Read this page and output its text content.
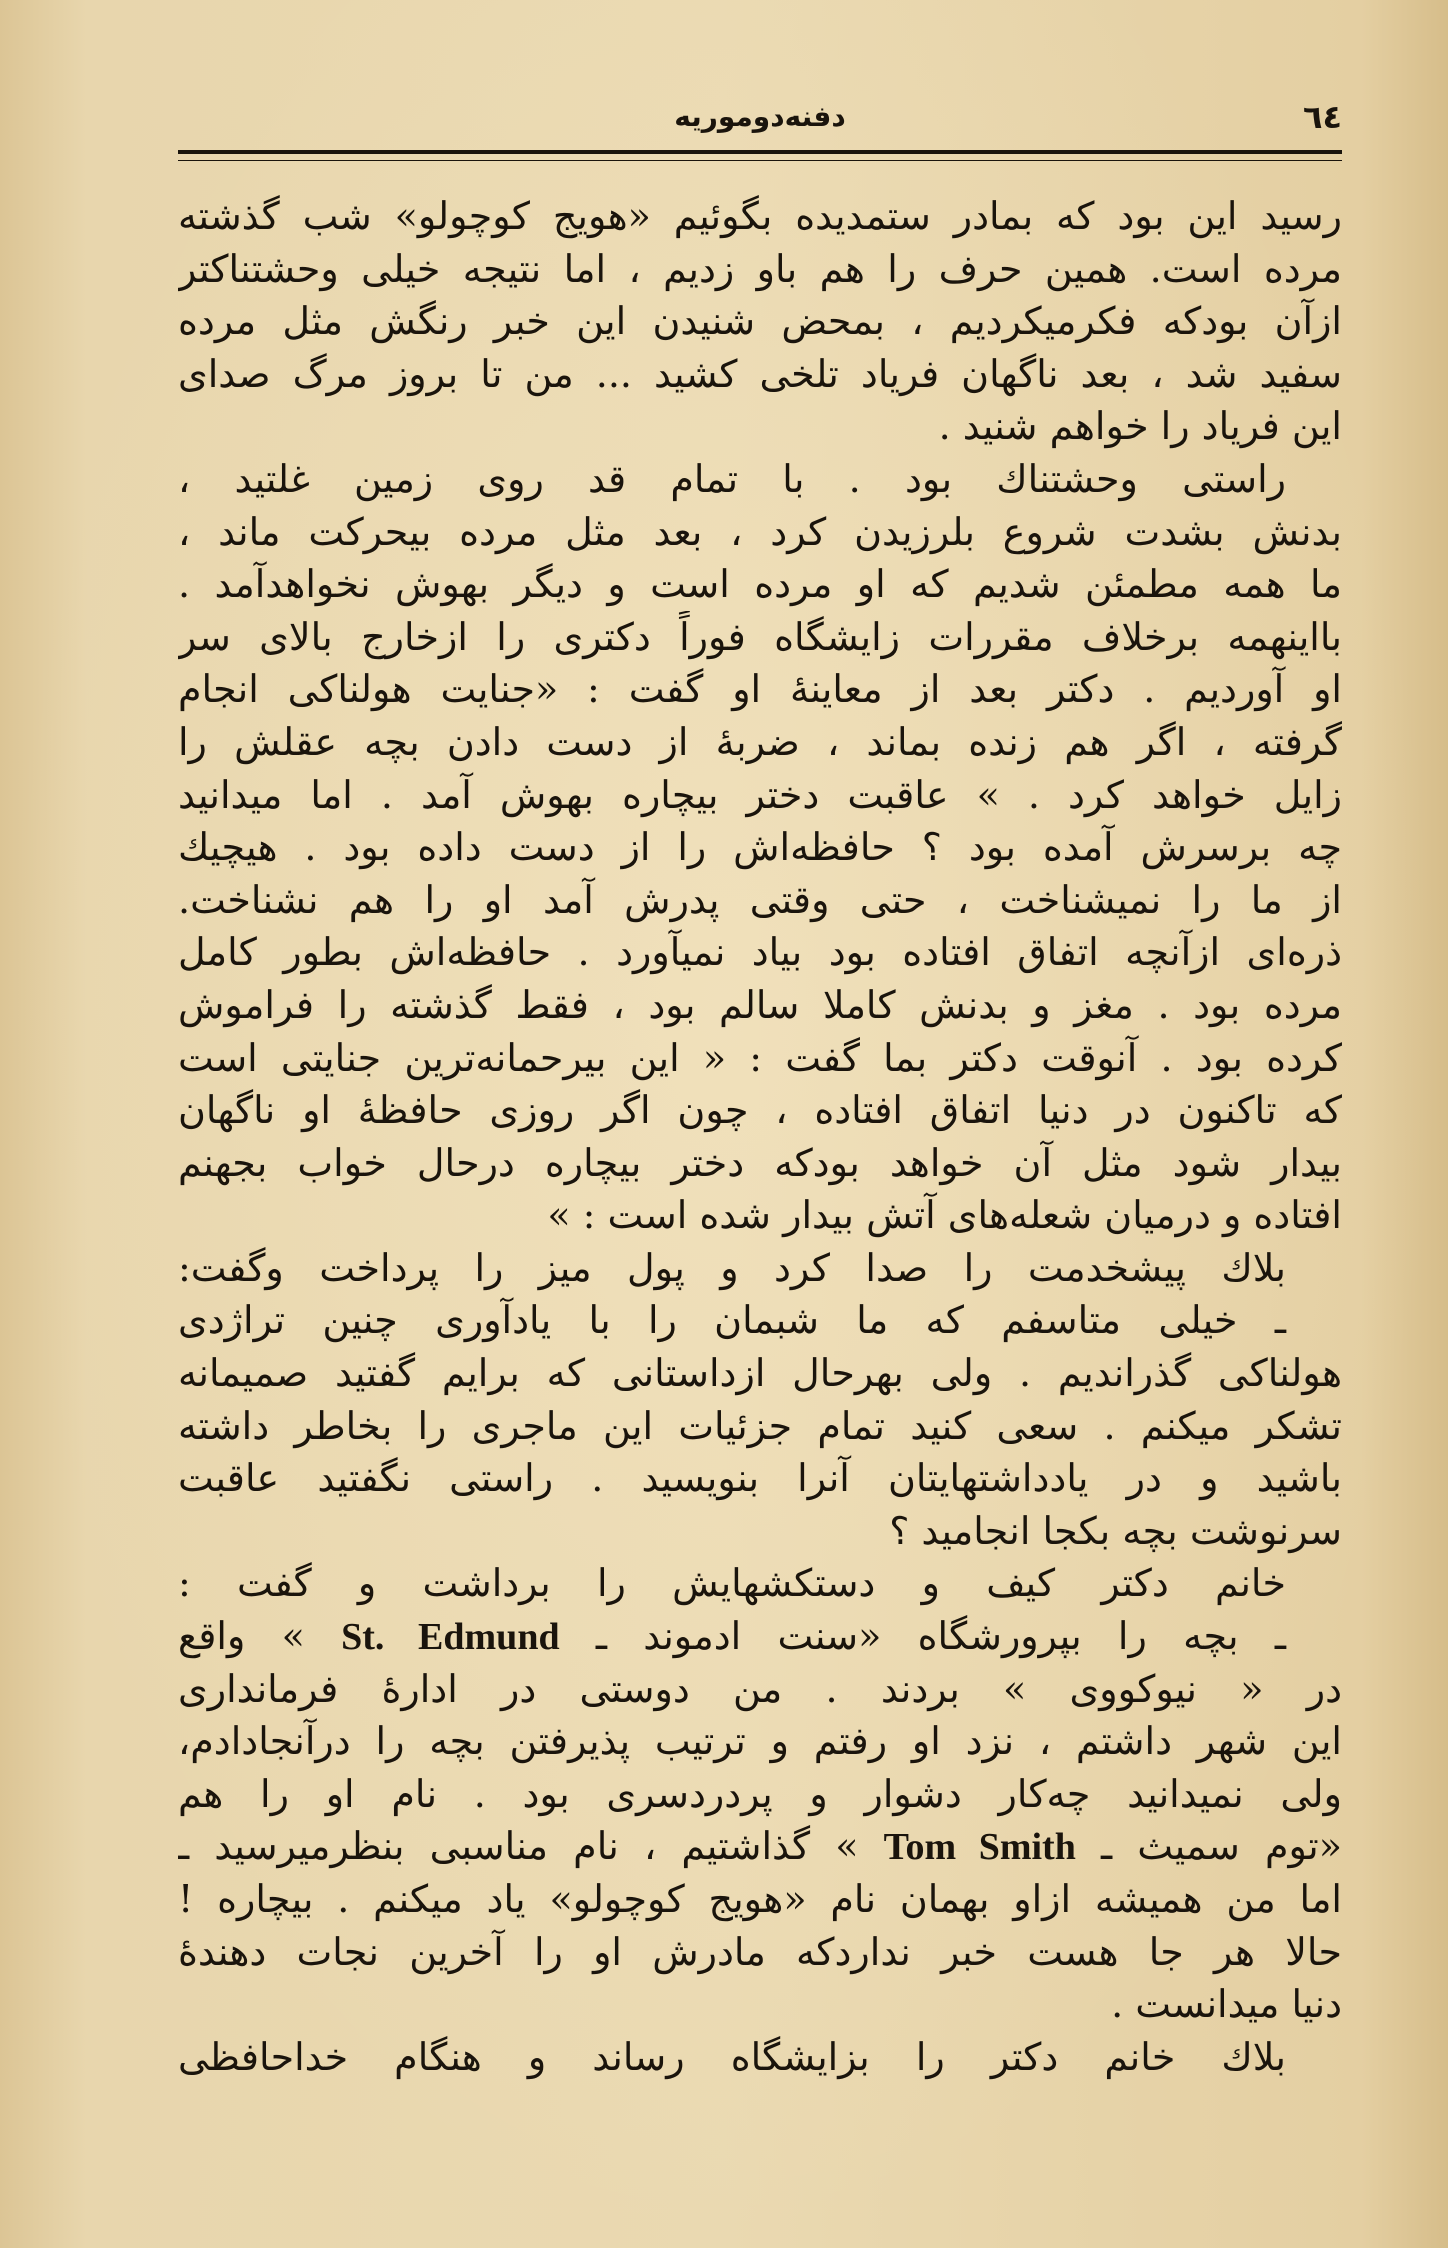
٦٤
دفنه‌دوموریه
رسید این بود که بمادر ستمدیده بگوئیم «هویج کوچولو» شب گذشته
مرده است. همین حرف را هم باو زدیم ، اما نتیجه خیلی وحشتناکتر
ازآن بودکه فکرمیکردیم ، بمحض شنیدن این خبر رنگش مثل مرده
سفید شد ، بعد ناگهان فریاد تلخی کشید ... من تا بروز مرگ صدای
این فریاد را خواهم شنید .
راستی وحشتناك بود . با تمام قد روی زمین غلتید ،
بدنش بشدت شروع بلرزیدن کرد ، بعد مثل مرده بیحرکت ماند ،
ما همه مطمئن شدیم که او مرده است و دیگر بهوش نخواهدآمد .
بااینهمه برخلاف مقررات زایشگاه فوراً دکتری را ازخارج بالای سر
او آوردیم . دکتر بعد از معاینهٔ او گفت : «جنایت هولناکی انجام
گرفته ، اگر هم زنده بماند ، ضربهٔ از دست دادن بچه عقلش را
زایل خواهد کرد . » عاقبت دختر بیچاره بهوش آمد . اما میدانید
چه برسرش آمده بود ؟ حافظه‌اش را از دست داده بود . هیچیك
از ما را نمیشناخت ، حتی وقتی پدرش آمد او را هم نشناخت.
ذره‌ای ازآنچه اتفاق افتاده بود بیاد نمیآورد . حافظه‌اش بطور کامل
مرده بود . مغز و بدنش کاملا سالم بود ، فقط گذشته را فراموش
کرده بود . آنوقت دکتر بما گفت : « این بیرحمانه‌ترین جنایتی است
که تاکنون در دنیا اتفاق افتاده ، چون اگر روزی حافظهٔ او ناگهان
بیدار شود مثل آن خواهد بودکه دختر بیچاره درحال خواب بجهنم
افتاده و درمیان شعله‌های آتش بیدار شده است : »
بلاك پیشخدمت را صدا کرد و پول میز را پرداخت وگفت:
ـ خیلی متاسفم که ما شبمان را با یادآوری چنین تراژدی
هولناکی گذراندیم . ولی بهرحال ازداستانی که برایم گفتید صمیمانه
تشکر میکنم . سعی کنید تمام جزئیات این ماجری را بخاطر داشته
باشید و در یادداشتهایتان آنرا بنویسید . راستی نگفتید عاقبت
سرنوشت بچه بکجا انجامید ؟
خانم دکتر کیف و دستکشهایش را برداشت و گفت :
ـ بچه را بپرورشگاه «سنت ادموند ـ St. Edmund » واقع
در « نیوکووی » بردند . من دوستی در ادارهٔ فرمانداری
این شهر داشتم ، نزد او رفتم و ترتیب پذیرفتن بچه را درآنجادادم،
ولی نمیدانید چه‌کار دشوار و پردردسری بود . نام او را هم
«توم سمیث ـ Tom Smith » گذاشتیم ، نام مناسبی بنظرمیرسید ـ
اما من همیشه ازاو بهمان نام «هویج کوچولو» یاد میکنم . بیچاره !
حالا هر جا هست خبر نداردکه مادرش او را آخرین نجات دهندهٔ
دنیا میدانست .
بلاك خانم دکتر را بزایشگاه رساند و هنگام خداحافظی
